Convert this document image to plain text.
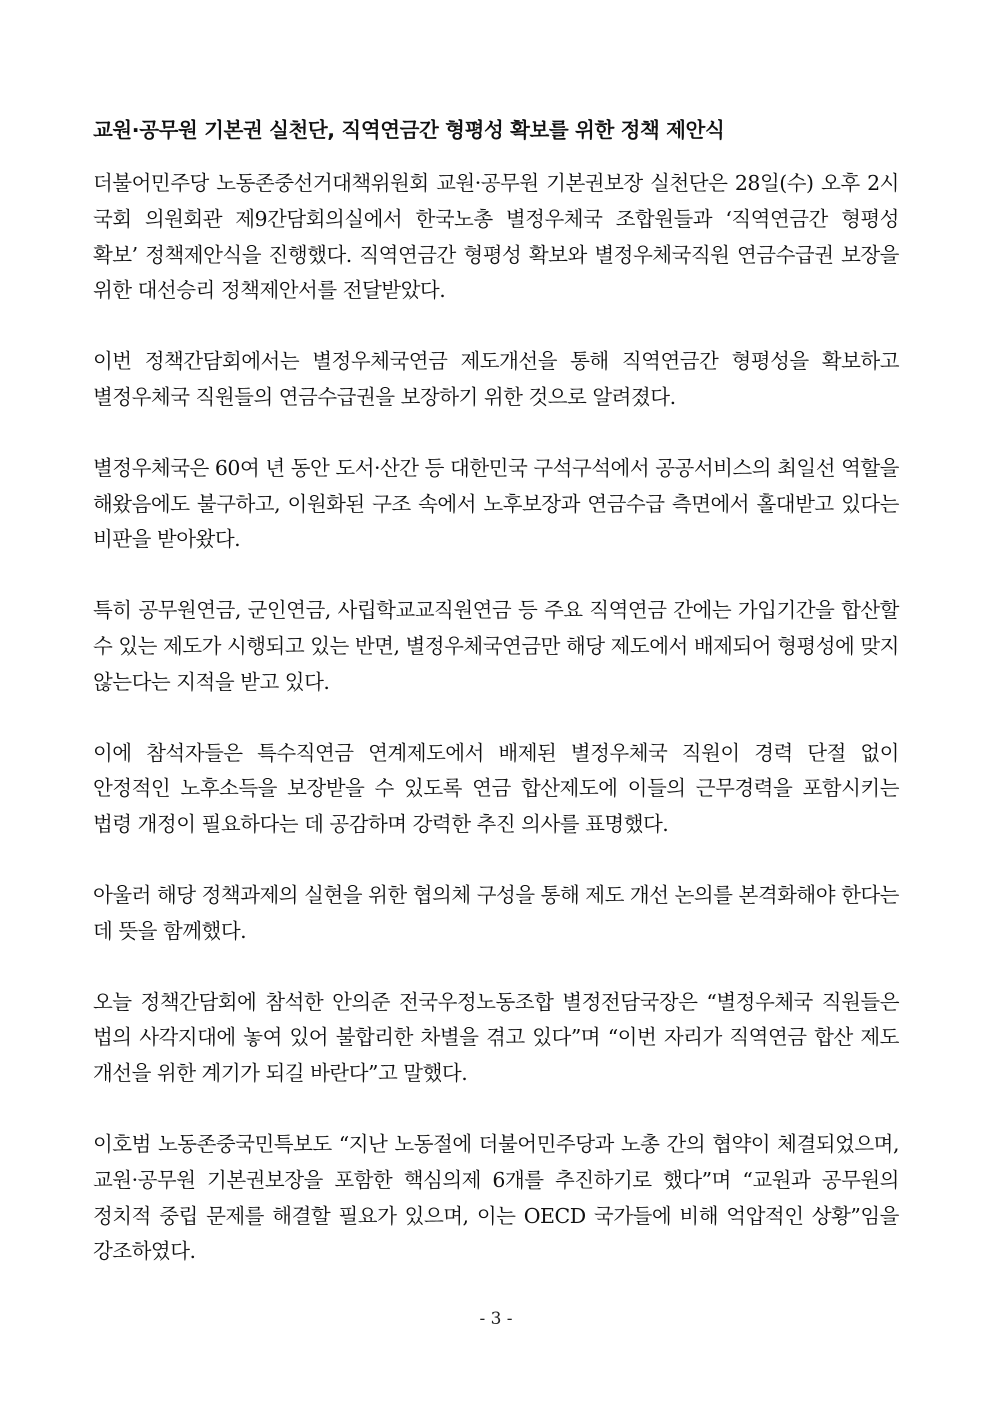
교원·공무원 기본권 실천단, 직역연금간 형평성 확보를 위한 정책 제안식

더불어민주당 노동존중선거대책위원회 교원·공무원 기본권보장 실천단은 28일(수) 오후 2시 국회 의원회관 제9간담회의실에서 한국노총 별정우체국 조합원들과 ‘직역연금간 형평성 확보’ 정책제안식을 진행했다. 직역연금간 형평성 확보와 별정우체국직원 연금수급권 보장을 위한 대선승리 정책제안서를 전달받았다.

이번 정책간담회에서는 별정우체국연금 제도개선을 통해 직역연금간 형평성을 확보하고 별정우체국 직원들의 연금수급권을 보장하기 위한 것으로 알려졌다.

별정우체국은 60여 년 동안 도서·산간 등 대한민국 구석구석에서 공공서비스의 최일선 역할을 해왔음에도 불구하고, 이원화된 구조 속에서 노후보장과 연금수급 측면에서 홀대받고 있다는 비판을 받아왔다.

특히 공무원연금, 군인연금, 사립학교교직원연금 등 주요 직역연금 간에는 가입기간을 합산할 수 있는 제도가 시행되고 있는 반면, 별정우체국연금만 해당 제도에서 배제되어 형평성에 맞지 않는다는 지적을 받고 있다.

이에 참석자들은 특수직연금 연계제도에서 배제된 별정우체국 직원이 경력 단절 없이 안정적인 노후소득을 보장받을 수 있도록 연금 합산제도에 이들의 근무경력을 포함시키는 법령 개정이 필요하다는 데 공감하며 강력한 추진 의사를 표명했다.

아울러 해당 정책과제의 실현을 위한 협의체 구성을 통해 제도 개선 논의를 본격화해야 한다는 데 뜻을 함께했다.

오늘 정책간담회에 참석한 안의준 전국우정노동조합 별정전담국장은 “별정우체국 직원들은 법의 사각지대에 놓여 있어 불합리한 차별을 겪고 있다”며 “이번 자리가 직역연금 합산 제도 개선을 위한 계기가 되길 바란다”고 말했다.

이호범 노동존중국민특보도 “지난 노동절에 더불어민주당과 노총 간의 협약이 체결되었으며, 교원·공무원 기본권보장을 포함한 핵심의제 6개를 추진하기로 했다”며 “교원과 공무원의 정치적 중립 문제를 해결할 필요가 있으며, 이는 OECD 국가들에 비해 억압적인 상황”임을 강조하였다.

- 3 -
